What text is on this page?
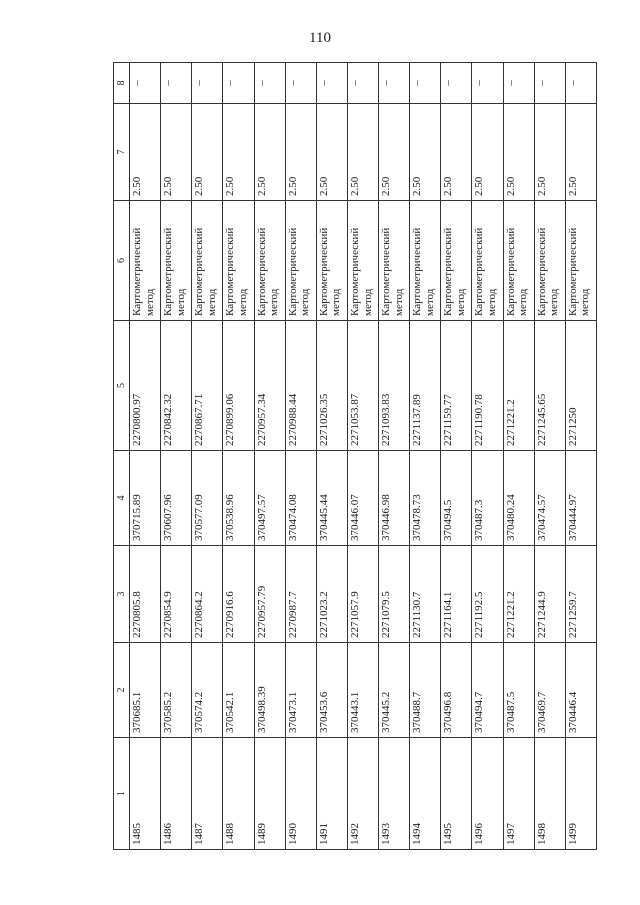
110
1	2	3	4	5	6	7	8
1485	370685.1	2270805.8	370715.89	2270800.97	Картометрический метод	2.50	–
1486	370585.2	2270854.9	370607.96	2270842.32	Картометрический метод	2.50	–
1487	370574.2	2270864.2	370577.09	2270867.71	Картометрический метод	2.50	–
1488	370542.1	2270916.6	370538.96	2270899.06	Картометрический метод	2.50	–
1489	370498.39	2270957.79	370497.57	2270957.34	Картометрический метод	2.50	–
1490	370473.1	2270987.7	370474.08	2270988.44	Картометрический метод	2.50	–
1491	370453.6	2271023.2	370445.44	2271026.35	Картометрический метод	2.50	–
1492	370443.1	2271057.9	370446.07	2271053.87	Картометрический метод	2.50	–
1493	370445.2	2271079.5	370446.98	2271093.83	Картометрический метод	2.50	–
1494	370488.7	2271130.7	370478.73	2271137.89	Картометрический метод	2.50	–
1495	370496.8	2271164.1	370494.5	2271159.77	Картометрический метод	2.50	–
1496	370494.7	2271192.5	370487.3	2271190.78	Картометрический метод	2.50	–
1497	370487.5	2271221.2	370480.24	2271221.2	Картометрический метод	2.50	–
1498	370469.7	2271244.9	370474.57	2271245.65	Картометрический метод	2.50	–
1499	370446.4	2271259.7	370444.97	2271250	Картометрический метод	2.50	–
